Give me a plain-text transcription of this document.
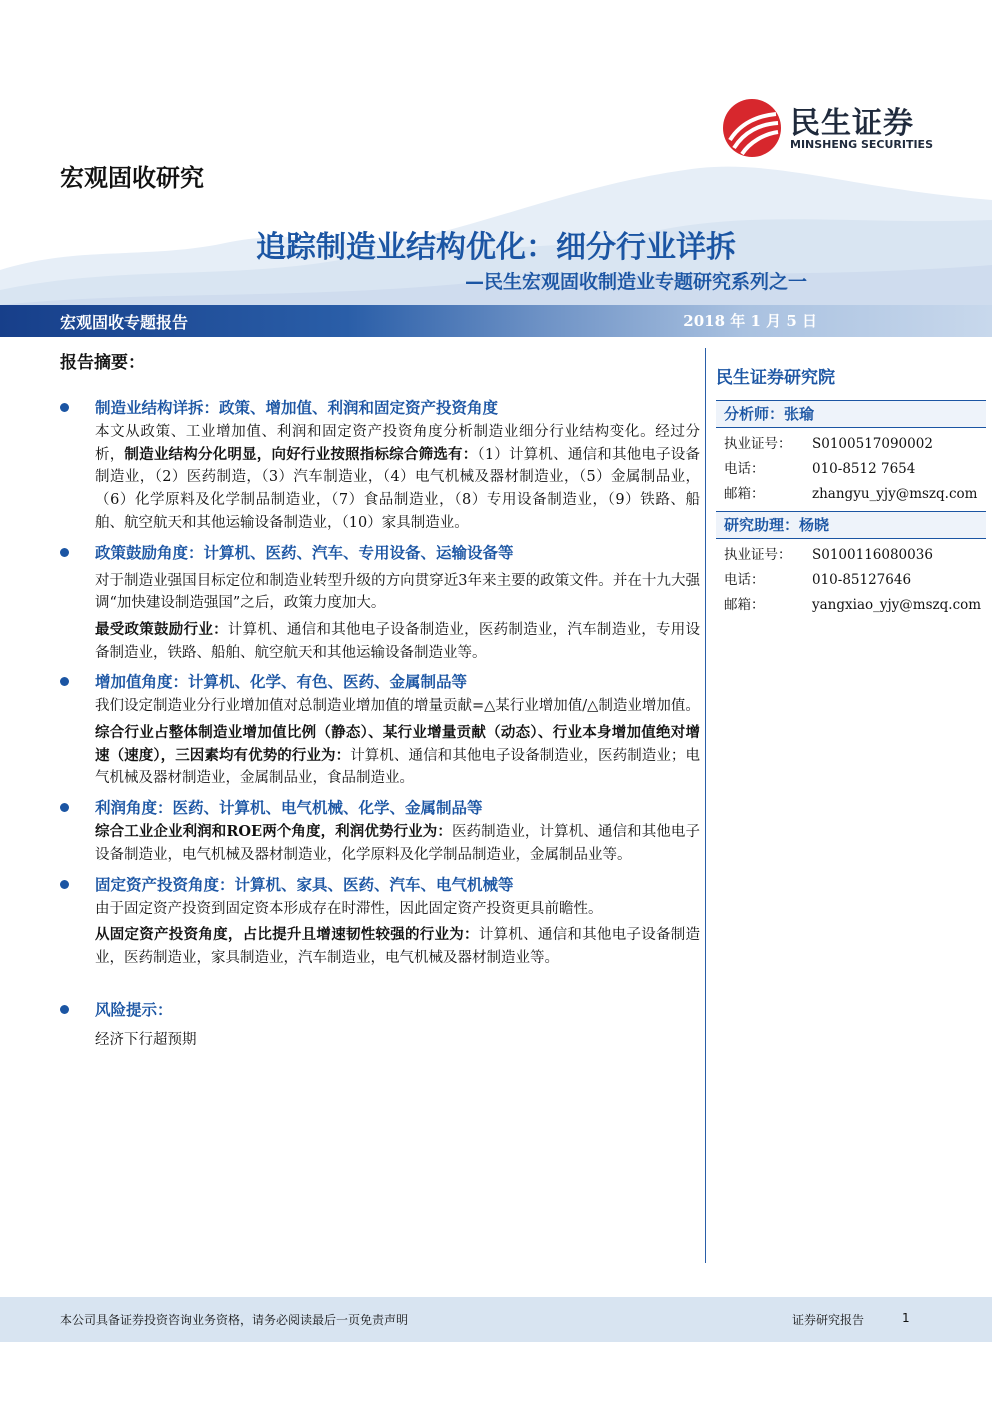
民生证券
MINSHENG SECURITIES
宏观固收研究
追踪制造业结构优化：细分行业详拆
—民生宏观固收制造业专题研究系列之一
宏观固收专题报告	2018 年 1 月 5 日
报告摘要：
制造业结构详拆：政策、增加值、利润和固定资产投资角度
本文从政策、工业增加值、利润和固定资产投资角度分析制造业细分行业结构变化。经过分析，制造业结构分化明显，向好行业按照指标综合筛选有：（1）计算机、通信和其他电子设备制造业，（2）医药制造，（3）汽车制造业，（4）电气机械及器材制造业，（5）金属制品业，（6）化学原料及化学制品制造业，（7）食品制造业，（8）专用设备制造业，（9）铁路、船舶、航空航天和其他运输设备制造业，（10）家具制造业。
政策鼓励角度：计算机、医药、汽车、专用设备、运输设备等
对于制造业强国目标定位和制造业转型升级的方向贯穿近3年来主要的政策文件。并在十九大强调“加快建设制造强国”之后，政策力度加大。
最受政策鼓励行业：计算机、通信和其他电子设备制造业，医药制造业，汽车制造业，专用设备制造业，铁路、船舶、航空航天和其他运输设备制造业等。
增加值角度：计算机、化学、有色、医药、金属制品等
我们设定制造业分行业增加值对总制造业增加值的增量贡献=△某行业增加值/△制造业增加值。
综合行业占整体制造业增加值比例（静态）、某行业增量贡献（动态）、行业本身增加值绝对增速（速度），三因素均有优势的行业为：计算机、通信和其他电子设备制造业，医药制造业；电气机械及器材制造业，金属制品业，食品制造业。
利润角度：医药、计算机、电气机械、化学、金属制品等
综合工业企业利润和ROE两个角度，利润优势行业为：医药制造业，计算机、通信和其他电子设备制造业，电气机械及器材制造业，化学原料及化学制品制造业，金属制品业等。
固定资产投资角度：计算机、家具、医药、汽车、电气机械等
由于固定资产投资到固定资本形成存在时滞性，因此固定资产投资更具前瞻性。
从固定资产投资角度，占比提升且增速韧性较强的行业为：计算机、通信和其他电子设备制造业，医药制造业，家具制造业，汽车制造业，电气机械及器材制造业等。
风险提示：
经济下行超预期
民生证券研究院
分析师：张瑜
执业证号： S0100517090002
电话：	010-8512 7654
邮箱：	zhangyu_yjy@mszq.com
研究助理：杨晓
执业证号： S0100116080036
电话：	010-85127646
邮箱：	yangxiao_yjy@mszq.com
本公司具备证券投资咨询业务资格，请务必阅读最后一页免责声明	证券研究报告	1
